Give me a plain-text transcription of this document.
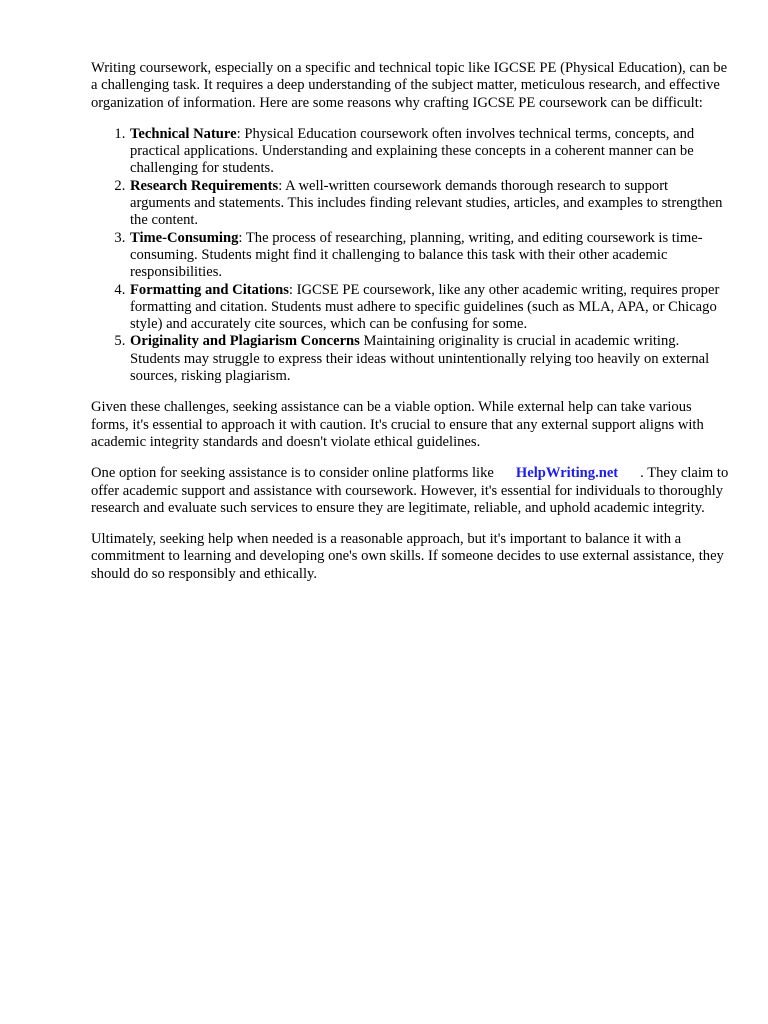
Writing coursework, especially on a specific and technical topic like IGCSE PE (Physical Education), can be a challenging task. It requires a deep understanding of the subject matter, meticulous research, and effective organization of information. Here are some reasons why crafting IGCSE PE coursework can be difficult:

1. Technical Nature: Physical Education coursework often involves technical terms, concepts, and practical applications. Understanding and explaining these concepts in a coherent manner can be challenging for students.
2. Research Requirements: A well-written coursework demands thorough research to support arguments and statements. This includes finding relevant studies, articles, and examples to strengthen the content.
3. Time-Consuming: The process of researching, planning, writing, and editing coursework is time-consuming. Students might find it challenging to balance this task with their other academic responsibilities.
4. Formatting and Citations: IGCSE PE coursework, like any other academic writing, requires proper formatting and citation. Students must adhere to specific guidelines (such as MLA, APA, or Chicago style) and accurately cite sources, which can be confusing for some.
5. Originality and Plagiarism Concerns Maintaining originality is crucial in academic writing. Students may struggle to express their ideas without unintentionally relying too heavily on external sources, risking plagiarism.

Given these challenges, seeking assistance can be a viable option. While external help can take various forms, it's essential to approach it with caution. It's crucial to ensure that any external support aligns with academic integrity standards and doesn't violate ethical guidelines.

One option for seeking assistance is to consider online platforms like HelpWriting.net . They claim to offer academic support and assistance with coursework. However, it's essential for individuals to thoroughly research and evaluate such services to ensure they are legitimate, reliable, and uphold academic integrity.

Ultimately, seeking help when needed is a reasonable approach, but it's important to balance it with a commitment to learning and developing one's own skills. If someone decides to use external assistance, they should do so responsibly and ethically.
